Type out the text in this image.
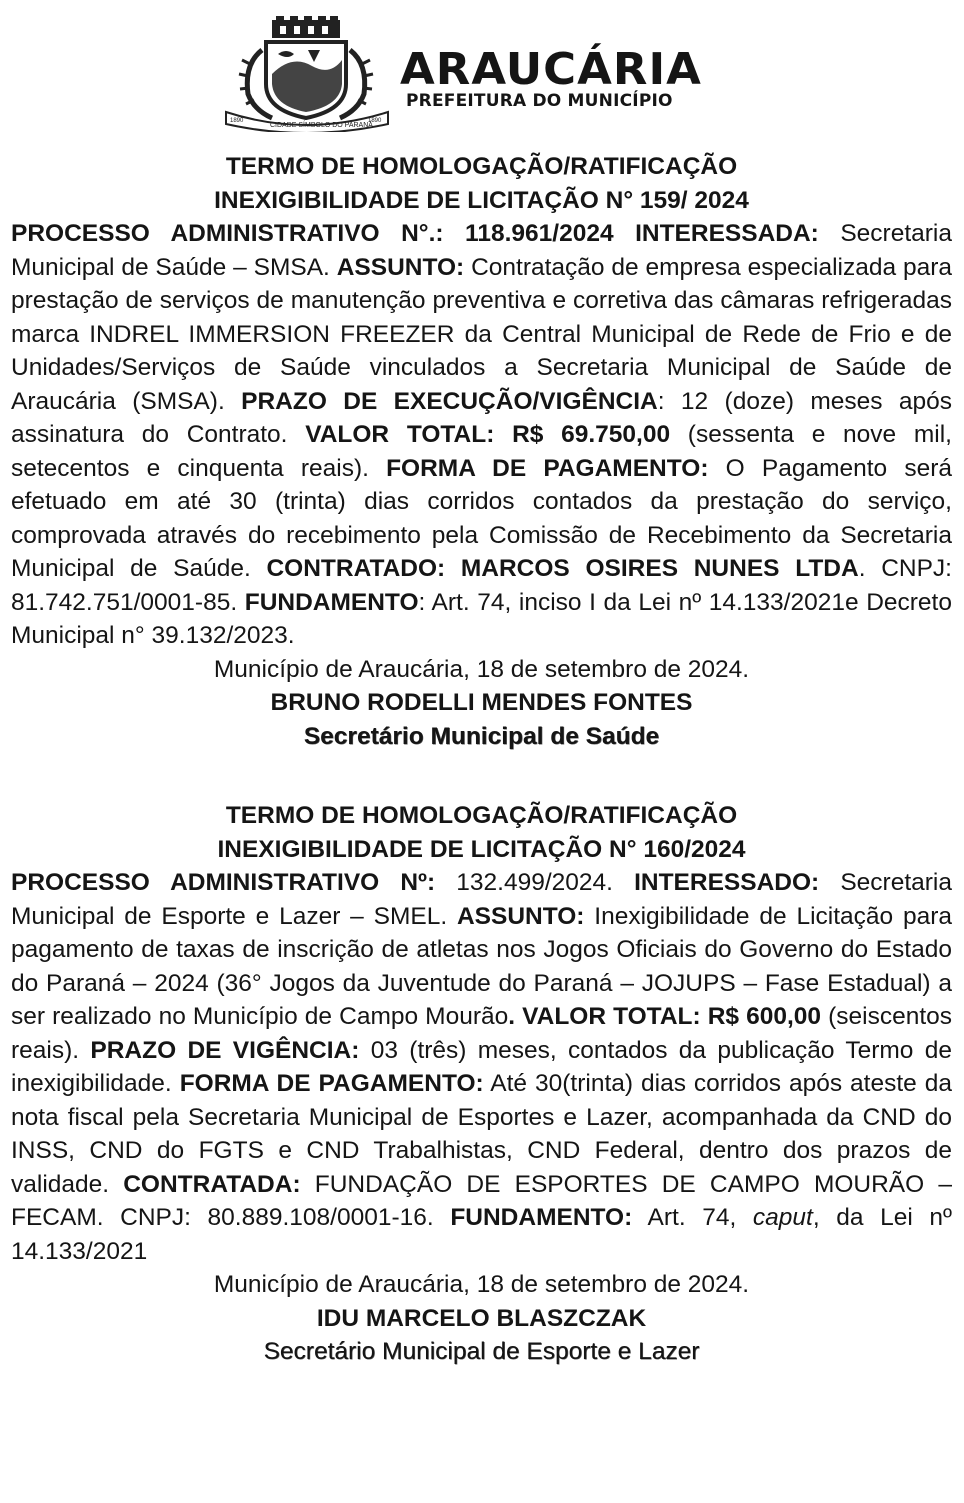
1890	1890
CIDADE SÍMBOLO DO PARANÁ
ARAUCÁRIA
PREFEITURA DO MUNICÍPIO
TERMO DE HOMOLOGAÇÃO/RATIFICAÇÃO
INEXIGIBILIDADE DE LICITAÇÃO N° 159/ 2024
PROCESSO ADMINISTRATIVO N°.: 118.961/2024 INTERESSADA: Secretaria Municipal de Saúde – SMSA. ASSUNTO: Contratação de empresa especializada para prestação de serviços de manutenção preventiva e corretiva das câmaras refrigeradas marca INDREL IMMERSION FREEZER da Central Municipal de Rede de Frio e de Unidades/Serviços de Saúde vinculados a Secretaria Municipal de Saúde de Araucária (SMSA). PRAZO DE EXECUÇÃO/VIGÊNCIA: 12 (doze) meses após assinatura do Contrato. VALOR TOTAL: R$ 69.750,00 (sessenta e nove mil, setecentos e cinquenta reais). FORMA DE PAGAMENTO: O Pagamento será efetuado em até 30 (trinta) dias corridos contados da prestação do serviço, comprovada através do recebimento pela Comissão de Recebimento da Secretaria Municipal de Saúde. CONTRATADO: MARCOS OSIRES NUNES LTDA. CNPJ: 81.742.751/0001-85. FUNDAMENTO: Art. 74, inciso I da Lei nº 14.133/2021e Decreto Municipal n° 39.132/2023.
Município de Araucária, 18 de setembro de 2024.
BRUNO RODELLI MENDES FONTES
Secretário Municipal de Saúde
TERMO DE HOMOLOGAÇÃO/RATIFICAÇÃO
INEXIGIBILIDADE DE LICITAÇÃO N° 160/2024
PROCESSO ADMINISTRATIVO Nº: 132.499/2024. INTERESSADO: Secretaria Municipal de Esporte e Lazer – SMEL. ASSUNTO: Inexigibilidade de Licitação para pagamento de taxas de inscrição de atletas nos Jogos Oficiais do Governo do Estado do Paraná – 2024 (36° Jogos da Juventude do Paraná – JOJUPS – Fase Estadual) a ser realizado no Município de Campo Mourão. VALOR TOTAL: R$ 600,00 (seiscentos reais). PRAZO DE VIGÊNCIA: 03 (três) meses, contados da publicação Termo de inexigibilidade. FORMA DE PAGAMENTO: Até 30(trinta) dias corridos após ateste da nota fiscal pela Secretaria Municipal de Esportes e Lazer, acompanhada da CND do INSS, CND do FGTS e CND Trabalhistas, CND Federal, dentro dos prazos de validade. CONTRATADA: FUNDAÇÃO DE ESPORTES DE CAMPO MOURÃO – FECAM. CNPJ: 80.889.108/0001-16. FUNDAMENTO: Art. 74, caput, da Lei nº 14.133/2021
Município de Araucária, 18 de setembro de 2024.
IDU MARCELO BLASZCZAK
Secretário Municipal de Esporte e Lazer
